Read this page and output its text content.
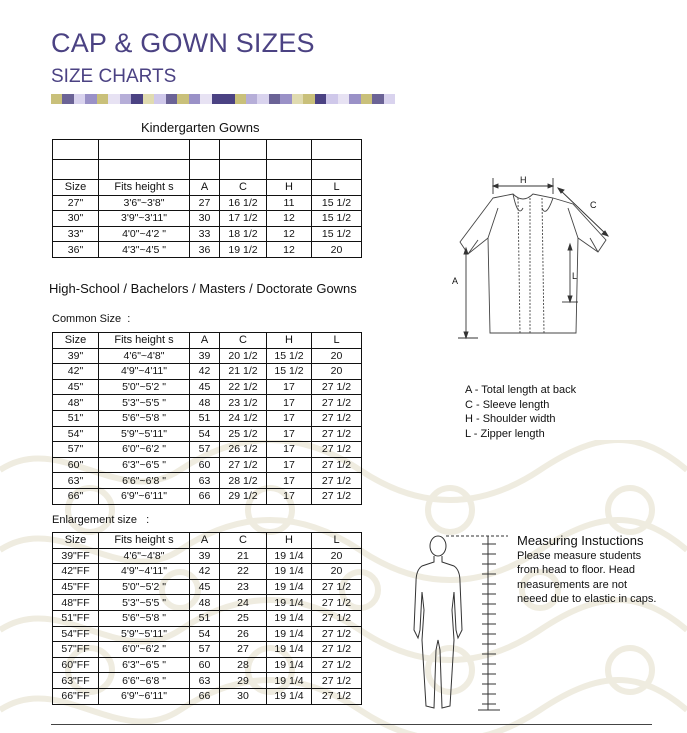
CAP & GOWN SIZES
SIZE CHARTS
Kindergarten Gowns

Size	Fits height s	A	C	H	L
27"	3'6"~3'8"	27	16 1/2	11	15 1/2
30"	3'9"~3'11"	30	17 1/2	12	15 1/2
33"	4'0"~4'2 "	33	18 1/2	12	15 1/2
36"	4'3"~4'5 "	36	19 1/2	12	20
High-School / Bachelors / Masters / Doctorate Gowns
Common Size  :
Size	Fits height s	A	C	H	L
39"	4'6"~4'8"	39	20 1/2	15 1/2	20
42"	4'9"~4'11"	42	21 1/2	15 1/2	20
45"	5'0"~5'2 "	45	22 1/2	17	27 1/2
48"	5'3"~5'5 "	48	23 1/2	17	27 1/2
51"	5'6"~5'8 "	51	24 1/2	17	27 1/2
54"	5'9"~5'11"	54	25 1/2	17	27 1/2
57"	6'0"~6'2 "	57	26 1/2	17	27 1/2
60"	6'3"~6'5 "	60	27 1/2	17	27 1/2
63"	6'6"~6'8 "	63	28 1/2	17	27 1/2
66"	6'9"~6'11"	66	29 1/2	17	27 1/2
Enlargement size   :
Size	Fits height s	A	C	H	L
39"FF	4'6"~4'8"	39	21	19 1/4	20
42"FF	4'9"~4'11"	42	22	19 1/4	20
45"FF	5'0"~5'2 "	45	23	19 1/4	27 1/2
48"FF	5'3"~5'5 "	48	24	19 1/4	27 1/2
51"FF	5'6"~5'8 "	51	25	19 1/4	27 1/2
54"FF	5'9"~5'11"	54	26	19 1/4	27 1/2
57"FF	6'0"~6'2 "	57	27	19 1/4	27 1/2
60"FF	6'3"~6'5 "	60	28	19 1/4	27 1/2
63"FF	6'6"~6'8 "	63	29	19 1/4	27 1/2
66"FF	6'9"~6'11"	66	30	19 1/4	27 1/2
H
C
A	L
A - Total length at back
C - Sleeve length
H - Shoulder width
L - Zipper length
Measuring Instuctions
Please measure students from head to floor. Head measurements are not neeed due to elastic in caps.
